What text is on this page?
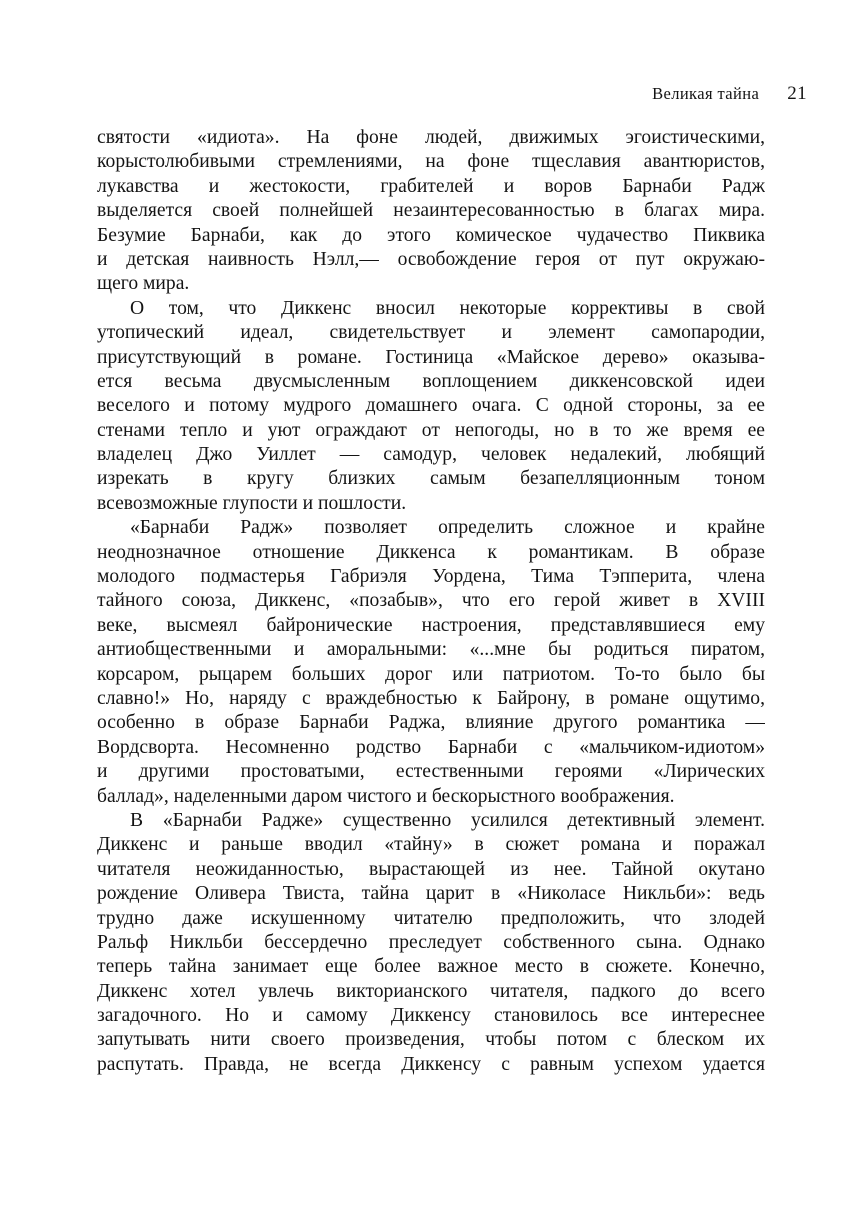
Великая тайна 21
святости «идиота». На фоне людей, движимых эгоистическими,
корыстолюбивыми стремлениями, на фоне тщеславия авантюристов,
лукавства и жестокости, грабителей и воров Барнаби Радж
выделяется своей полнейшей незаинтересованностью в благах мира.
Безумие Барнаби, как до этого комическое чудачество Пиквика
и детская наивность Нэлл,— освобождение героя от пут окружаю-
щего мира.
О том, что Диккенс вносил некоторые коррективы в свой
утопический идеал, свидетельствует и элемент самопародии,
присутствующий в романе. Гостиница «Майское дерево» оказыва-
ется весьма двусмысленным воплощением диккенсовской идеи
веселого и потому мудрого домашнего очага. С одной стороны, за ее
стенами тепло и уют ограждают от непогоды, но в то же время ее
владелец Джо Уиллет — самодур, человек недалекий, любящий
изрекать в кругу близких самым безапелляционным тоном
всевозможные глупости и пошлости.
«Барнаби Радж» позволяет определить сложное и крайне
неоднозначное отношение Диккенса к романтикам. В образе
молодого подмастерья Габриэля Уордена, Тима Тэпперита, члена
тайного союза, Диккенс, «позабыв», что его герой живет в XVIII
веке, высмеял байронические настроения, представлявшиеся ему
антиобщественными и аморальными: «...мне бы родиться пиратом,
корсаром, рыцарем больших дорог или патриотом. То-то было бы
славно!» Но, наряду с враждебностью к Байрону, в романе ощутимо,
особенно в образе Барнаби Раджа, влияние другого романтика —
Вордсворта. Несомненно родство Барнаби с «мальчиком-идиотом»
и другими простоватыми, естественными героями «Лирических
баллад», наделенными даром чистого и бескорыстного воображения.
В «Барнаби Радже» существенно усилился детективный элемент.
Диккенс и раньше вводил «тайну» в сюжет романа и поражал
читателя неожиданностью, вырастающей из нее. Тайной окутано
рождение Оливера Твиста, тайна царит в «Николасе Никльби»: ведь
трудно даже искушенному читателю предположить, что злодей
Ральф Никльби бессердечно преследует собственного сына. Однако
теперь тайна занимает еще более важное место в сюжете. Конечно,
Диккенс хотел увлечь викторианского читателя, падкого до всего
загадочного. Но и самому Диккенсу становилось все интереснее
запутывать нити своего произведения, чтобы потом с блеском их
распутать. Правда, не всегда Диккенсу с равным успехом удается
